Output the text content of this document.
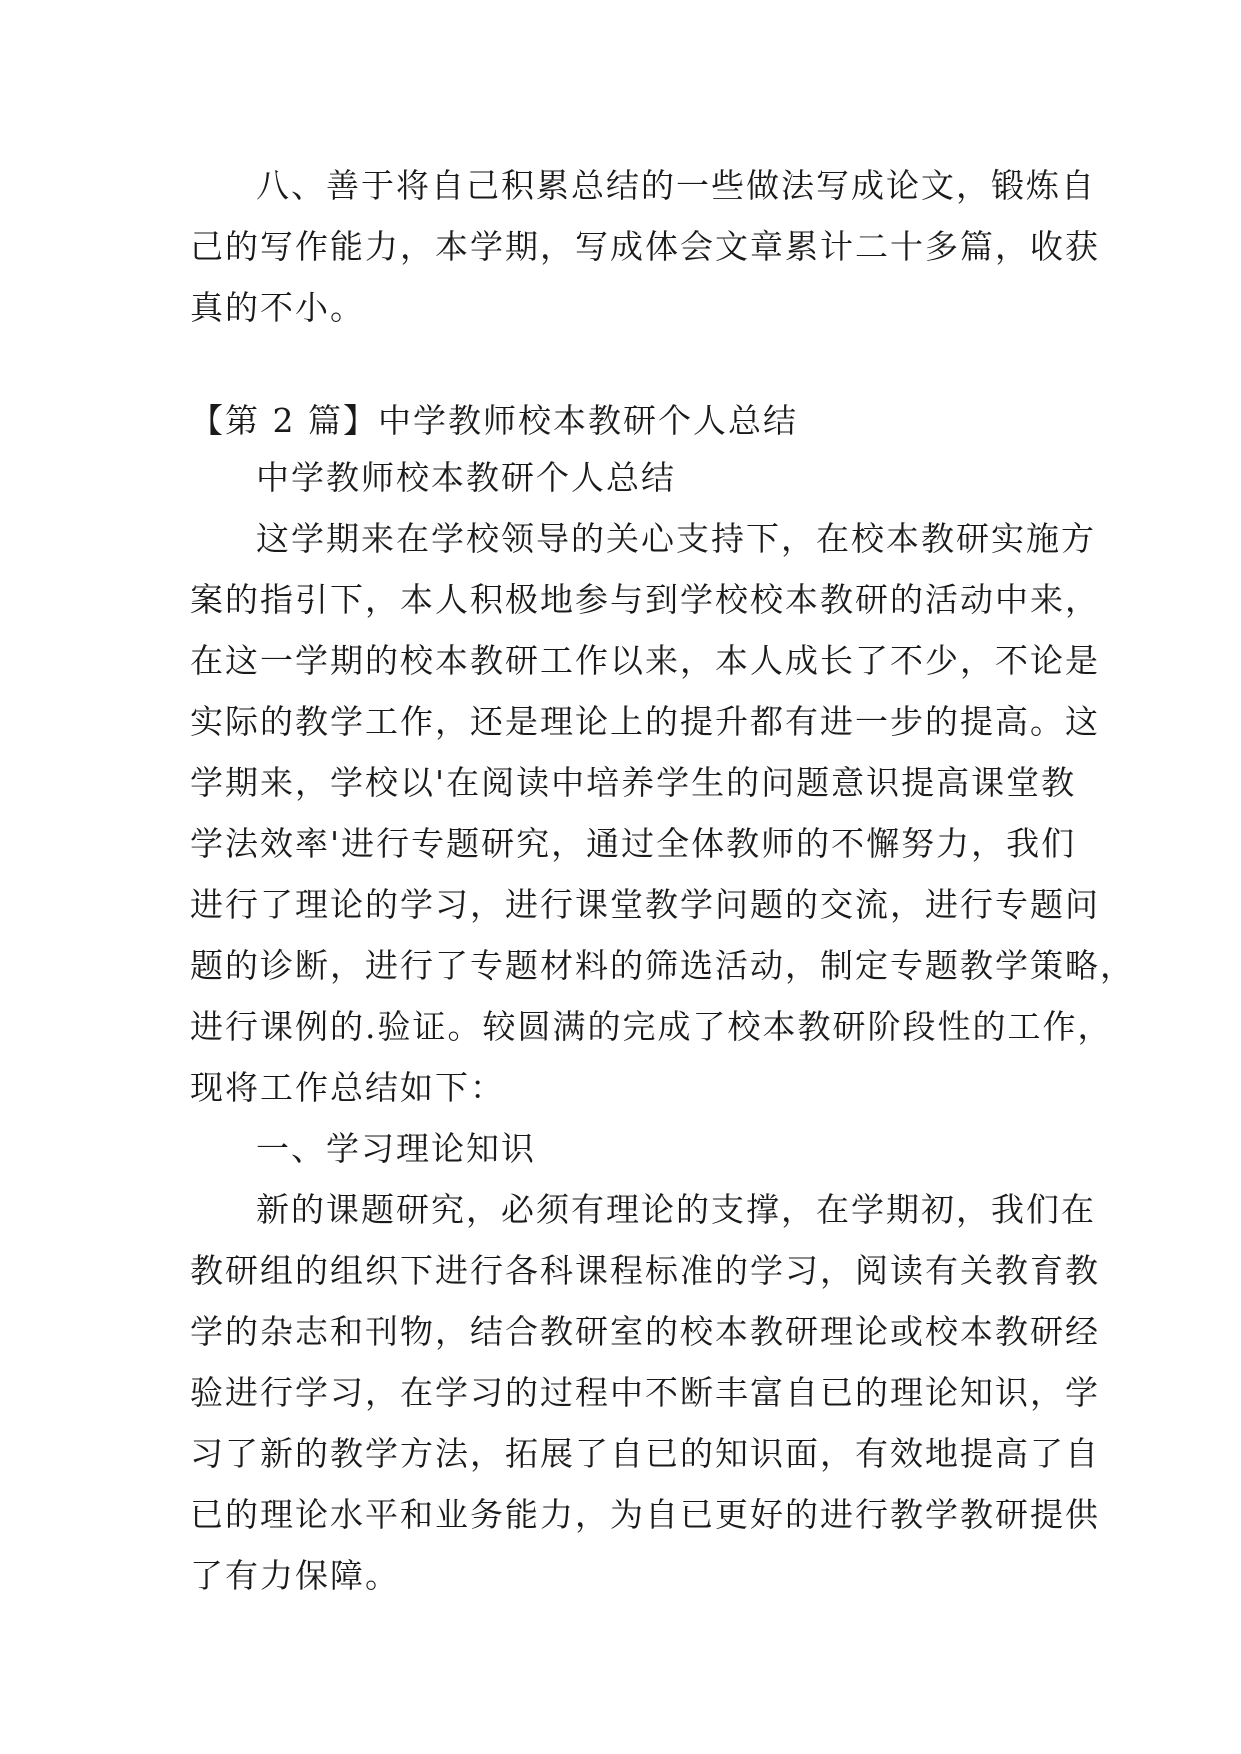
八、善于将自己积累总结的一些做法写成论文，锻炼自
己的写作能力，本学期，写成体会文章累计二十多篇，收获
真的不小。
【第 2 篇】中学教师校本教研个人总结
中学教师校本教研个人总结
这学期来在学校领导的关心支持下，在校本教研实施方
案的指引下，本人积极地参与到学校校本教研的活动中来，
在这一学期的校本教研工作以来，本人成长了不少，不论是
实际的教学工作，还是理论上的提升都有进一步的提高。这
学期来，学校以'在阅读中培养学生的问题意识提高课堂教
学法效率'进行专题研究，通过全体教师的不懈努力，我们
进行了理论的学习，进行课堂教学问题的交流，进行专题问
题的诊断，进行了专题材料的筛选活动，制定专题教学策略，
进行课例的.验证。较圆满的完成了校本教研阶段性的工作，
现将工作总结如下：
一、学习理论知识
新的课题研究，必须有理论的支撑，在学期初，我们在
教研组的组织下进行各科课程标准的学习，阅读有关教育教
学的杂志和刊物，结合教研室的校本教研理论或校本教研经
验进行学习，在学习的过程中不断丰富自已的理论知识，学
习了新的教学方法，拓展了自已的知识面，有效地提高了自
已的理论水平和业务能力，为自已更好的进行教学教研提供
了有力保障。
